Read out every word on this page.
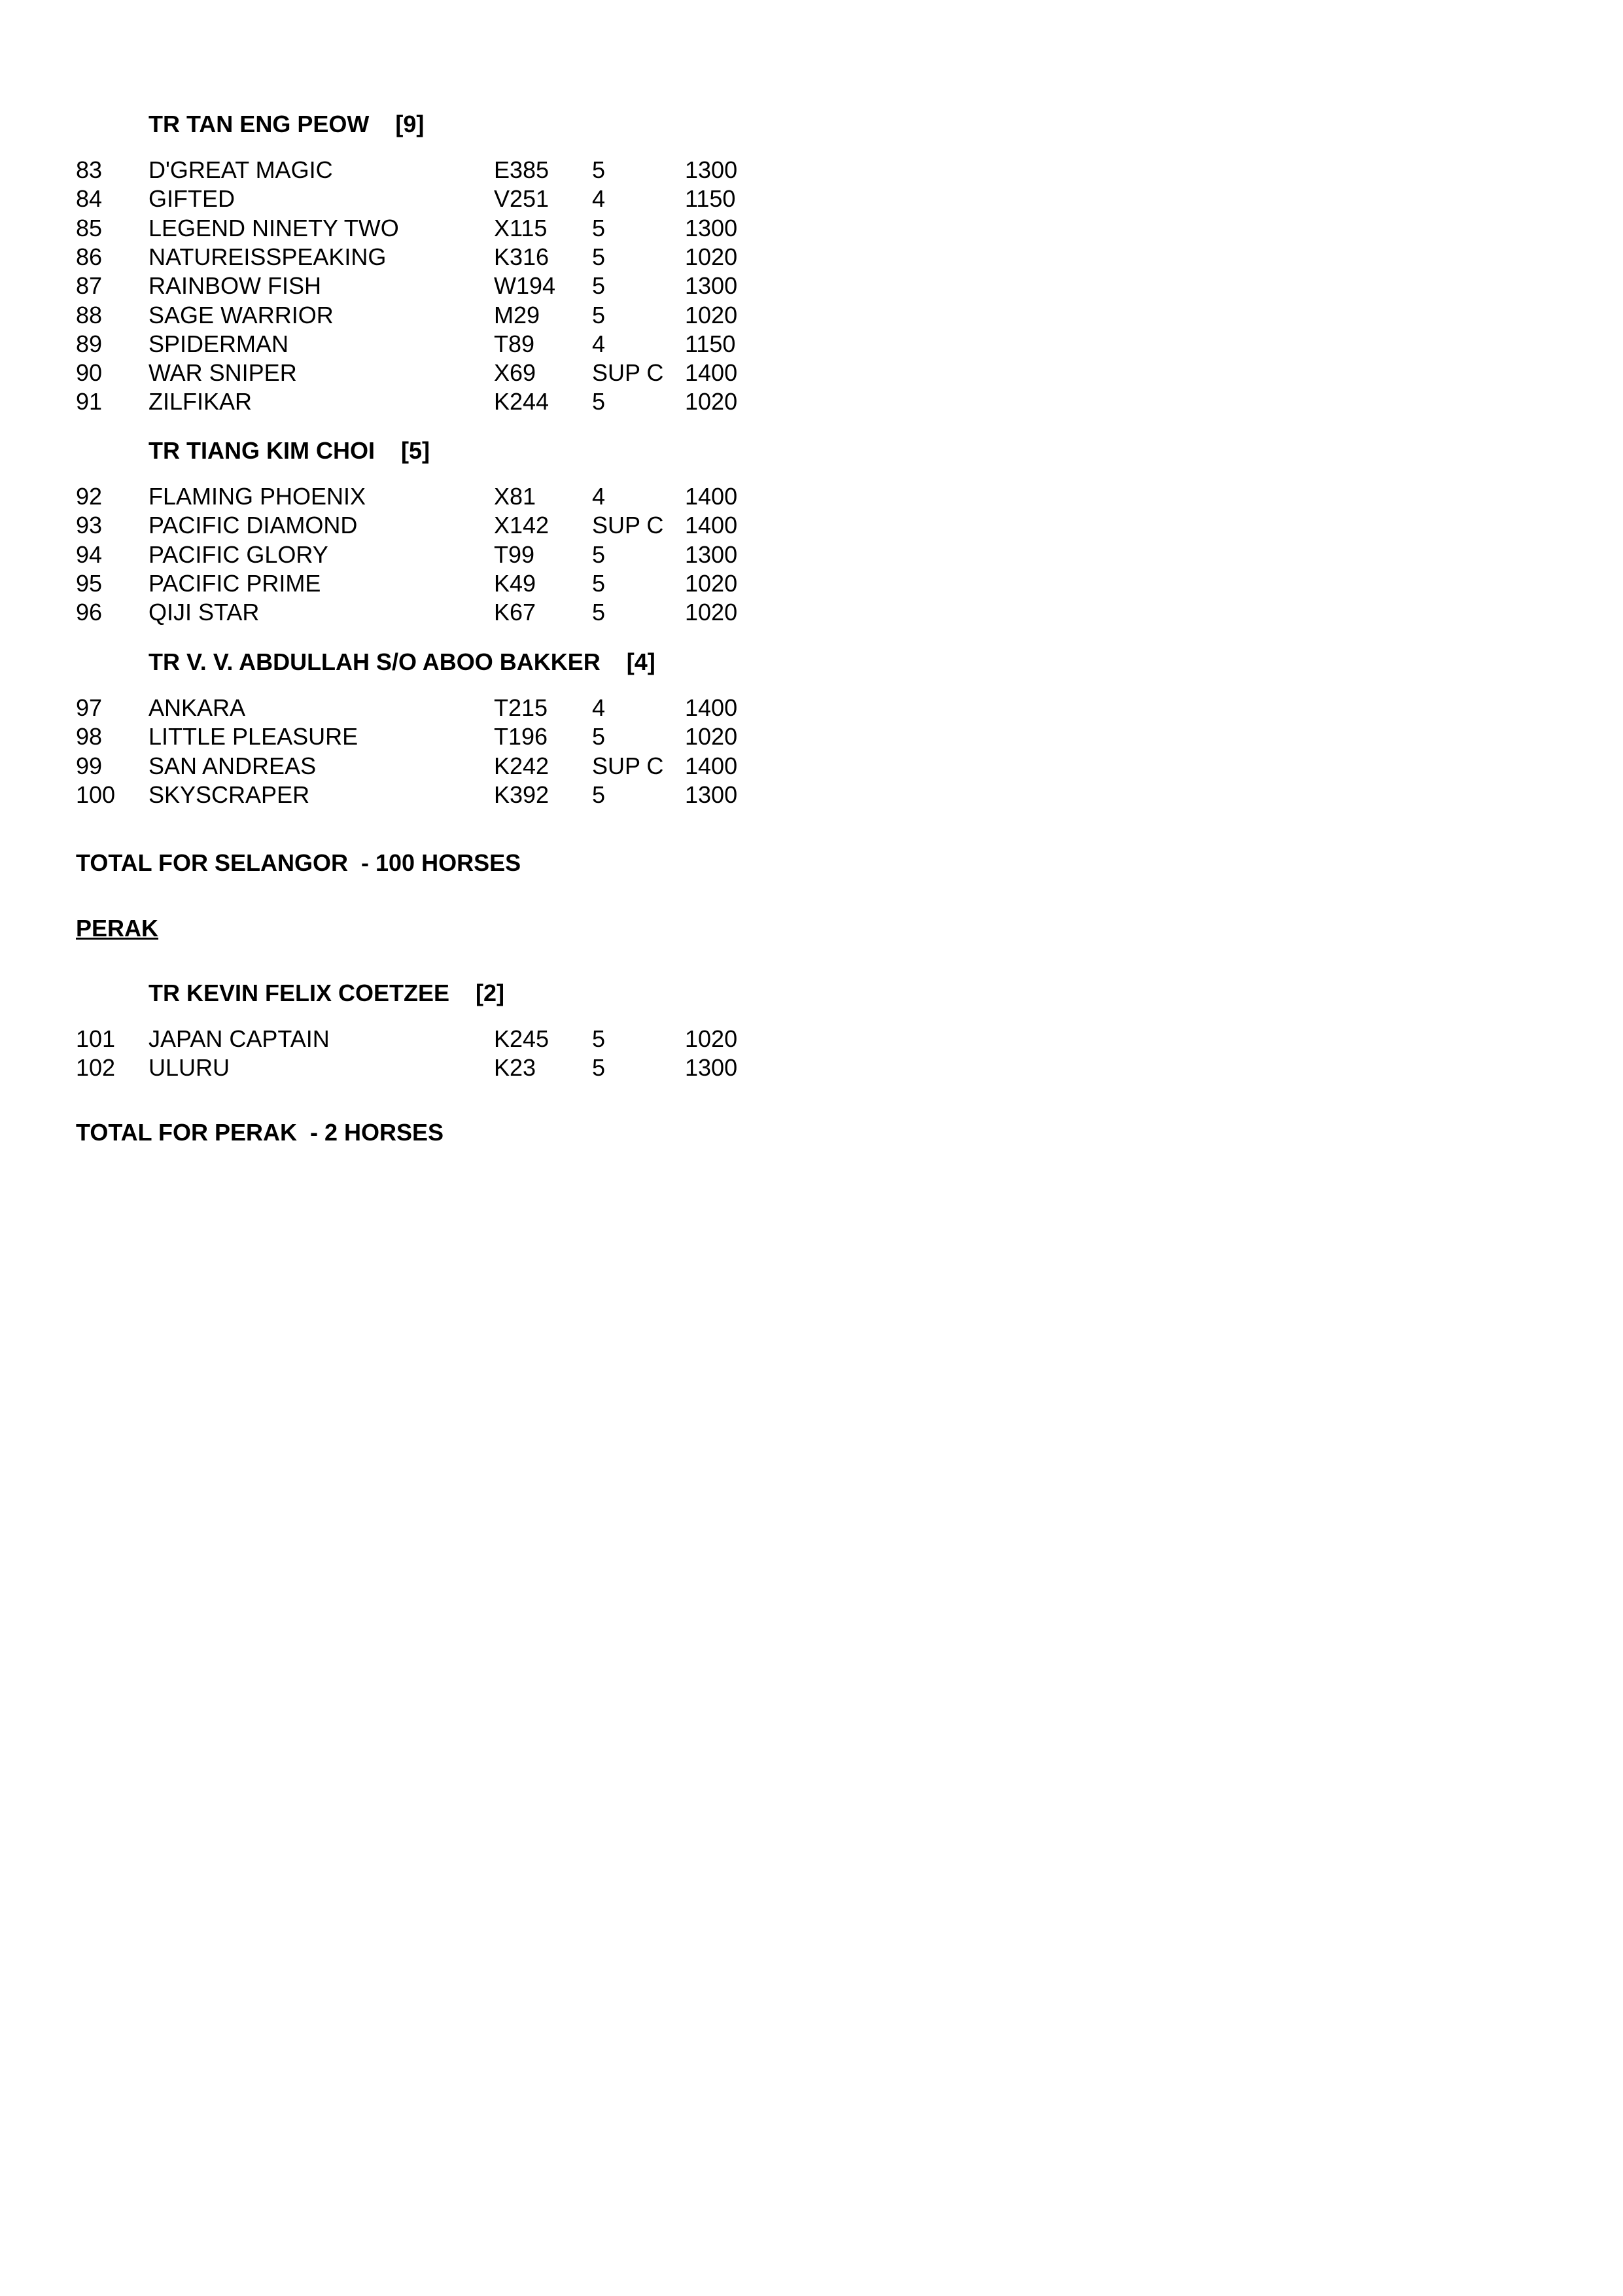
TR TAN ENG PEOW    [9]
83 D'GREAT MAGIC	E385 5	1300
84 GIFTED	V251 4	1150
85 LEGEND NINETY TWO	X115 5	1300
86 NATUREISSPEAKING	K316 5	1020
87 RAINBOW FISH	W194 5	1300
88 SAGE WARRIOR	M29 5	1020
89 SPIDERMAN	T89 4	1150
90 WAR SNIPER	X69 SUP C 1400
91 ZILFIKAR	K244 5	1020
TR TIANG KIM CHOI    [5]
92 FLAMING PHOENIX	X81 4	1400
93 PACIFIC DIAMOND	X142 SUP C 1400
94 PACIFIC GLORY	T99 5	1300
95 PACIFIC PRIME	K49 5	1020
96 QIJI STAR	K67 5	1020
TR V. V. ABDULLAH S/O ABOO BAKKER    [4]
97 ANKARA	T215 4	1400
98 LITTLE PLEASURE	T196 5	1020
99 SAN ANDREAS	K242 SUP C 1400
100 SKYSCRAPER	K392 5	1300
TOTAL FOR SELANGOR  - 100 HORSES
PERAK
TR KEVIN FELIX COETZEE    [2]
101 JAPAN CAPTAIN	K245 5	1020
102 ULURU	K23 5	1300
TOTAL FOR PERAK  - 2 HORSES
